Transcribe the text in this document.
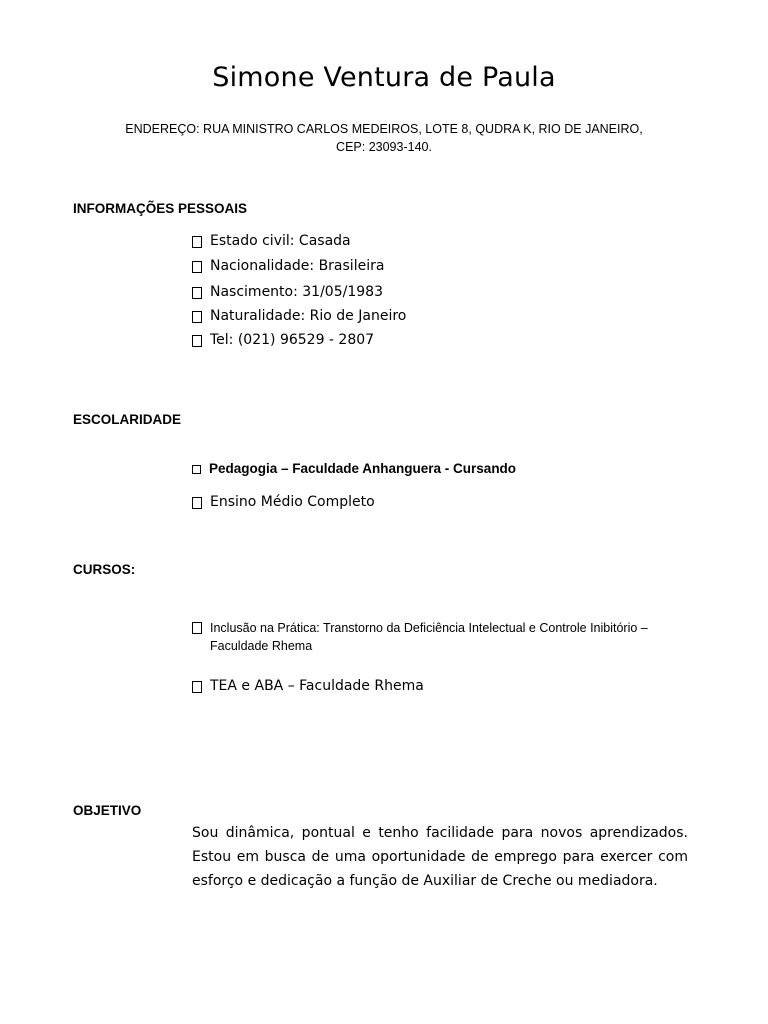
Simone Ventura de Paula
ENDEREÇO: RUA MINISTRO CARLOS MEDEIROS, LOTE 8, QUDRA K, RIO DE JANEIRO,
CEP: 23093-140.
INFORMAÇÕES PESSOAIS
Estado civil: Casada
Nacionalidade: Brasileira
Nascimento: 31/05/1983
Naturalidade: Rio de Janeiro
Tel: (021) 96529 - 2807
ESCOLARIDADE
Pedagogia – Faculdade Anhanguera - Cursando
Ensino Médio Completo
CURSOS:
Inclusão na Prática: Transtorno da Deficiência Intelectual e Controle Inibitório – Faculdade Rhema
TEA e ABA – Faculdade Rhema
OBJETIVO
Sou dinâmica, pontual e tenho facilidade para novos aprendizados. Estou em busca de uma oportunidade de emprego para exercer com esforço e dedicação a função de Auxiliar de Creche ou mediadora.
